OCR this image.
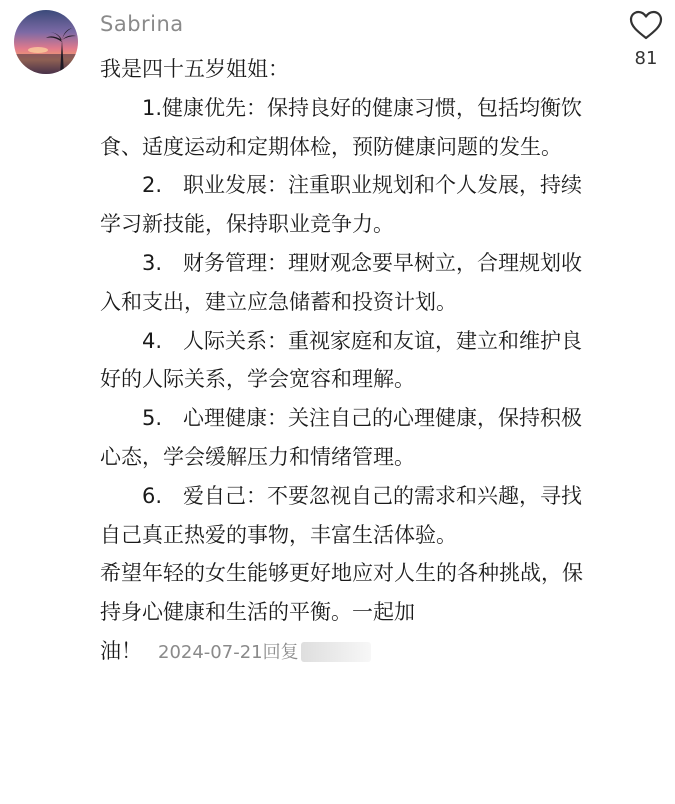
Sabrina
81

我是四十五岁姐姐：

1.健康优先：保持良好的健康习惯，包括均衡饮食、适度运动和定期体检，预防健康问题的发生。

2.　职业发展：注重职业规划和个人发展，持续学习新技能，保持职业竞争力。

3.　财务管理：理财观念要早树立，合理规划收入和支出，建立应急储蓄和投资计划。

4.　人际关系：重视家庭和友谊，建立和维护良好的人际关系，学会宽容和理解。

5.　心理健康：关注自己的心理健康，保持积极心态，学会缓解压力和情绪管理。

6.　爱自己：不要忽视自己的需求和兴趣，寻找自己真正热爱的事物，丰富生活体验。

希望年轻的女生能够更好地应对人生的各种挑战，保持身心健康和生活的平衡。一起加
油！ 2024-07-21回复
